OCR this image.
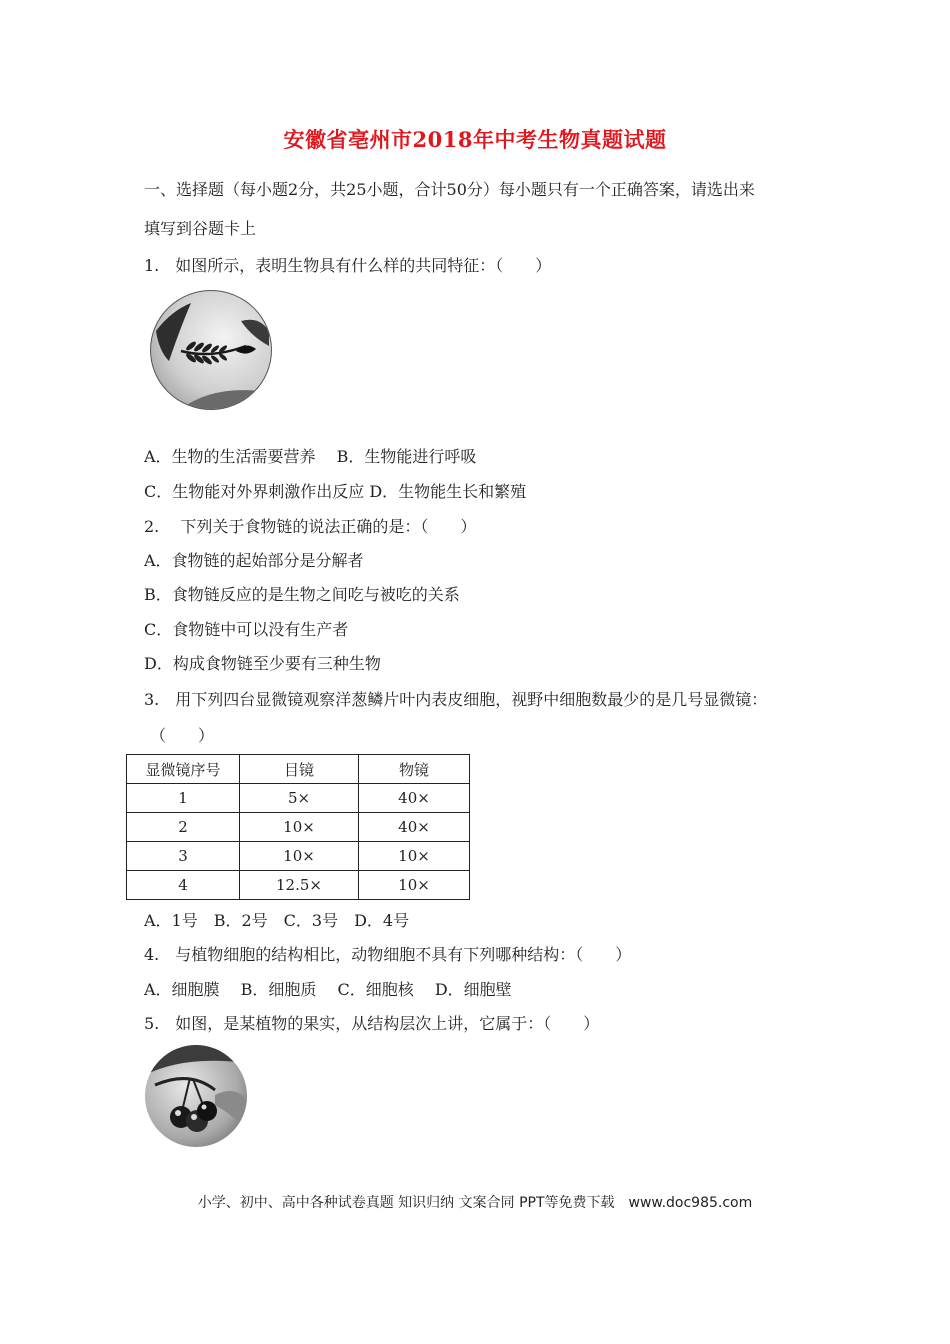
安徽省亳州市2018年中考生物真题试题
一、选择题（每小题2分，共25小题，合计50分）每小题只有一个正确答案，请选出来
填写到谷题卡上
1.　如图所示，表明生物具有什么样的共同特征：（　　）
A．生物的生活需要营养　 B．生物能进行呼吸
C．生物能对外界刺激作出反应 D．生物能生长和繁殖
2.　 下列关于食物链的说法正确的是：（　　）
A．食物链的起始部分是分解者
B．食物链反应的是生物之间吃与被吃的关系
C．食物链中可以没有生产者
D．构成食物链至少要有三种生物
3.　用下列四台显微镜观察洋葱鳞片叶内表皮细胞，视野中细胞数最少的是几号显微镜：
（　　）
显微镜序号	目镜	物镜
1	5×	40×
2	10×	40×
3	10×	10×
4	12.5×	10×
A．1号　B．2号　C．3号　D．4号
4.　与植物细胞的结构相比，动物细胞不具有下列哪种结构：（　　）
A．细胞膜　 B．细胞质　 C．细胞核　 D．细胞壁
5.　如图，是某植物的果实，从结构层次上讲，它属于：（　　）
小学、初中、高中各种试卷真题 知识归纳 文案合同 PPT等免费下载　www.doc985.com
